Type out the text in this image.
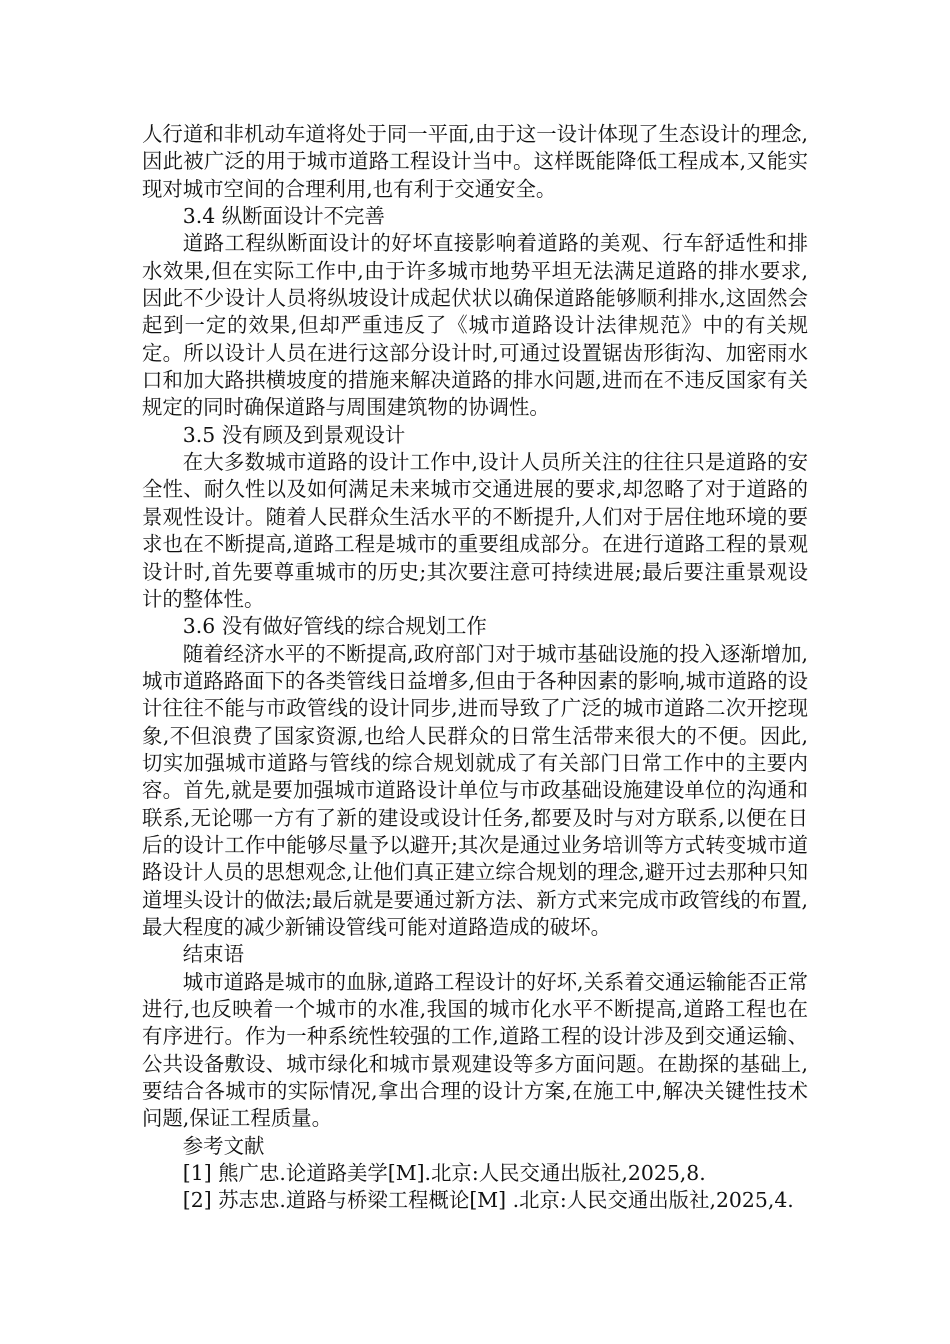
人行道和非机动车道将处于同一平面,由于这一设计体现了生态设计的理念,因此被广泛的用于城市道路工程设计当中。这样既能降低工程成本,又能实现对城市空间的合理利用,也有利于交通安全。

3.4 纵断面设计不完善

道路工程纵断面设计的好坏直接影响着道路的美观、行车舒适性和排水效果,但在实际工作中,由于许多城市地势平坦无法满足道路的排水要求,因此不少设计人员将纵坡设计成起伏状以确保道路能够顺利排水,这固然会起到一定的效果,但却严重违反了《城市道路设计法律规范》中的有关规定。所以设计人员在进行这部分设计时,可通过设置锯齿形街沟、加密雨水口和加大路拱横坡度的措施来解决道路的排水问题,进而在不违反国家有关规定的同时确保道路与周围建筑物的协调性。

3.5 没有顾及到景观设计

在大多数城市道路的设计工作中,设计人员所关注的往往只是道路的安全性、耐久性以及如何满足未来城市交通进展的要求,却忽略了对于道路的景观性设计。随着人民群众生活水平的不断提升,人们对于居住地环境的要求也在不断提高,道路工程是城市的重要组成部分。在进行道路工程的景观设计时,首先要尊重城市的历史;其次要注意可持续进展;最后要注重景观设计的整体性。

3.6 没有做好管线的综合规划工作

随着经济水平的不断提高,政府部门对于城市基础设施的投入逐渐增加,城市道路路面下的各类管线日益增多,但由于各种因素的影响,城市道路的设计往往不能与市政管线的设计同步,进而导致了广泛的城市道路二次开挖现象,不但浪费了国家资源,也给人民群众的日常生活带来很大的不便。因此,切实加强城市道路与管线的综合规划就成了有关部门日常工作中的主要内容。首先,就是要加强城市道路设计单位与市政基础设施建设单位的沟通和联系,无论哪一方有了新的建设或设计任务,都要及时与对方联系,以便在日后的设计工作中能够尽量予以避开;其次是通过业务培训等方式转变城市道路设计人员的思想观念,让他们真正建立综合规划的理念,避开过去那种只知道埋头设计的做法;最后就是要通过新方法、新方式来完成市政管线的布置,最大程度的减少新铺设管线可能对道路造成的破坏。

结束语

城市道路是城市的血脉,道路工程设计的好坏,关系着交通运输能否正常进行,也反映着一个城市的水准,我国的城市化水平不断提高,道路工程也在有序进行。作为一种系统性较强的工作,道路工程的设计涉及到交通运输、公共设备敷设、城市绿化和城市景观建设等多方面问题。在勘探的基础上,要结合各城市的实际情况,拿出合理的设计方案,在施工中,解决关键性技术问题,保证工程质量。

参考文献

[1] 熊广忠.论道路美学[M].北京:人民交通出版社,2025,8.

[2] 苏志忠.道路与桥梁工程概论[M] .北京:人民交通出版社,2025,4.
